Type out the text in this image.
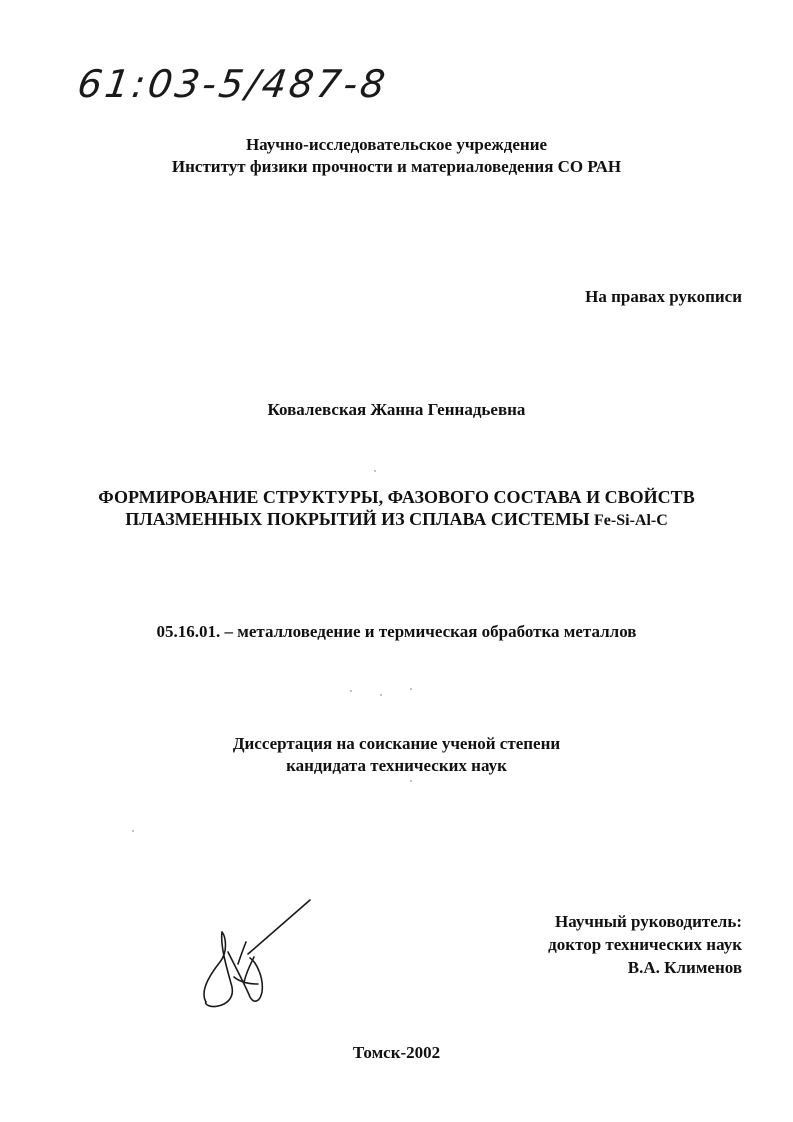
61:03-5/487-8
Научно-исследовательское учреждение
Институт физики прочности и материаловедения СО РАН
На правах рукописи
Ковалевская Жанна Геннадьевна
ФОРМИРОВАНИЕ СТРУКТУРЫ, ФАЗОВОГО СОСТАВА И СВОЙСТВ
ПЛАЗМЕННЫХ ПОКРЫТИЙ ИЗ СПЛАВА СИСТЕМЫ Fe-Si-Al-C
05.16.01. – металловедение и термическая обработка металлов
Диссертация на соискание ученой степени
кандидата технических наук
Научный руководитель:
доктор технических наук
В.А. Клименов
Томск-2002
